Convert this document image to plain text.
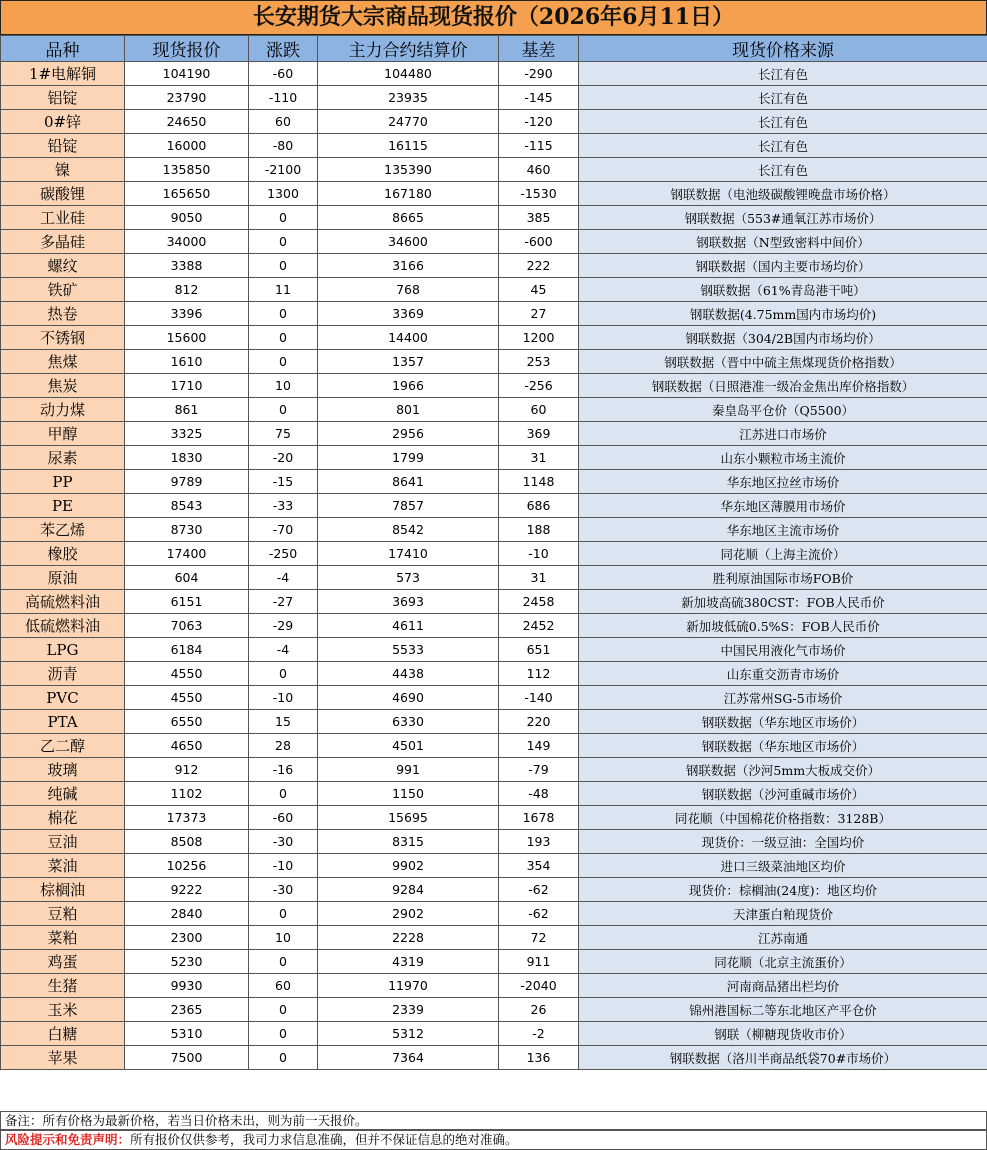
长安期货大宗商品现货报价（2026年6月11日）
品种	现货报价	涨跌	主力合约结算价	基差	现货价格来源
1#电解铜	104190	-60	104480	-290	长江有色
铝锭	23790	-110	23935	-145	长江有色
0#锌	24650	60	24770	-120	长江有色
铅锭	16000	-80	16115	-115	长江有色
镍	135850	-2100	135390	460	长江有色
碳酸锂	165650	1300	167180	-1530	钢联数据（电池级碳酸锂晚盘市场价格）
工业硅	9050	0	8665	385	钢联数据（553#通氧江苏市场价）
多晶硅	34000	0	34600	-600	钢联数据（N型致密料中间价）
螺纹	3388	0	3166	222	钢联数据（国内主要市场均价）
铁矿	812	11	768	45	钢联数据（61%青岛港干吨）
热卷	3396	0	3369	27	钢联数据(4.75mm国内市场均价)
不锈钢	15600	0	14400	1200	钢联数据（304/2B国内市场均价）
焦煤	1610	0	1357	253	钢联数据（晋中中硫主焦煤现货价格指数）
焦炭	1710	10	1966	-256	钢联数据（日照港准一级冶金焦出库价格指数）
动力煤	861	0	801	60	秦皇岛平仓价（Q5500）
甲醇	3325	75	2956	369	江苏进口市场价
尿素	1830	-20	1799	31	山东小颗粒市场主流价
PP	9789	-15	8641	1148	华东地区拉丝市场价
PE	8543	-33	7857	686	华东地区薄膜用市场价
苯乙烯	8730	-70	8542	188	华东地区主流市场价
橡胶	17400	-250	17410	-10	同花顺（上海主流价）
原油	604	-4	573	31	胜利原油国际市场FOB价
高硫燃料油	6151	-27	3693	2458	新加坡高硫380CST：FOB人民币价
低硫燃料油	7063	-29	4611	2452	新加坡低硫0.5%S：FOB人民币价
LPG	6184	-4	5533	651	中国民用液化气市场价
沥青	4550	0	4438	112	山东重交沥青市场价
PVC	4550	-10	4690	-140	江苏常州SG-5市场价
PTA	6550	15	6330	220	钢联数据（华东地区市场价）
乙二醇	4650	28	4501	149	钢联数据（华东地区市场价）
玻璃	912	-16	991	-79	钢联数据（沙河5mm大板成交价）
纯碱	1102	0	1150	-48	钢联数据（沙河重碱市场价）
棉花	17373	-60	15695	1678	同花顺（中国棉花价格指数：3128B）
豆油	8508	-30	8315	193	现货价：一级豆油：全国均价
菜油	10256	-10	9902	354	进口三级菜油地区均价
棕榈油	9222	-30	9284	-62	现货价：棕榈油(24度)：地区均价
豆粕	2840	0	2902	-62	天津蛋白粕现货价
菜粕	2300	10	2228	72	江苏南通
鸡蛋	5230	0	4319	911	同花顺（北京主流蛋价）
生猪	9930	60	11970	-2040	河南商品猪出栏均价
玉米	2365	0	2339	26	锦州港国标二等东北地区产平仓价
白糖	5310	0	5312	-2	钢联（柳糖现货收市价）
苹果	7500	0	7364	136	钢联数据（洛川半商品纸袋70#市场价）
备注：所有价格为最新价格，若当日价格未出，则为前一天报价。
风险提示和免责声明：所有报价仅供参考，我司力求信息准确，但并不保证信息的绝对准确。
